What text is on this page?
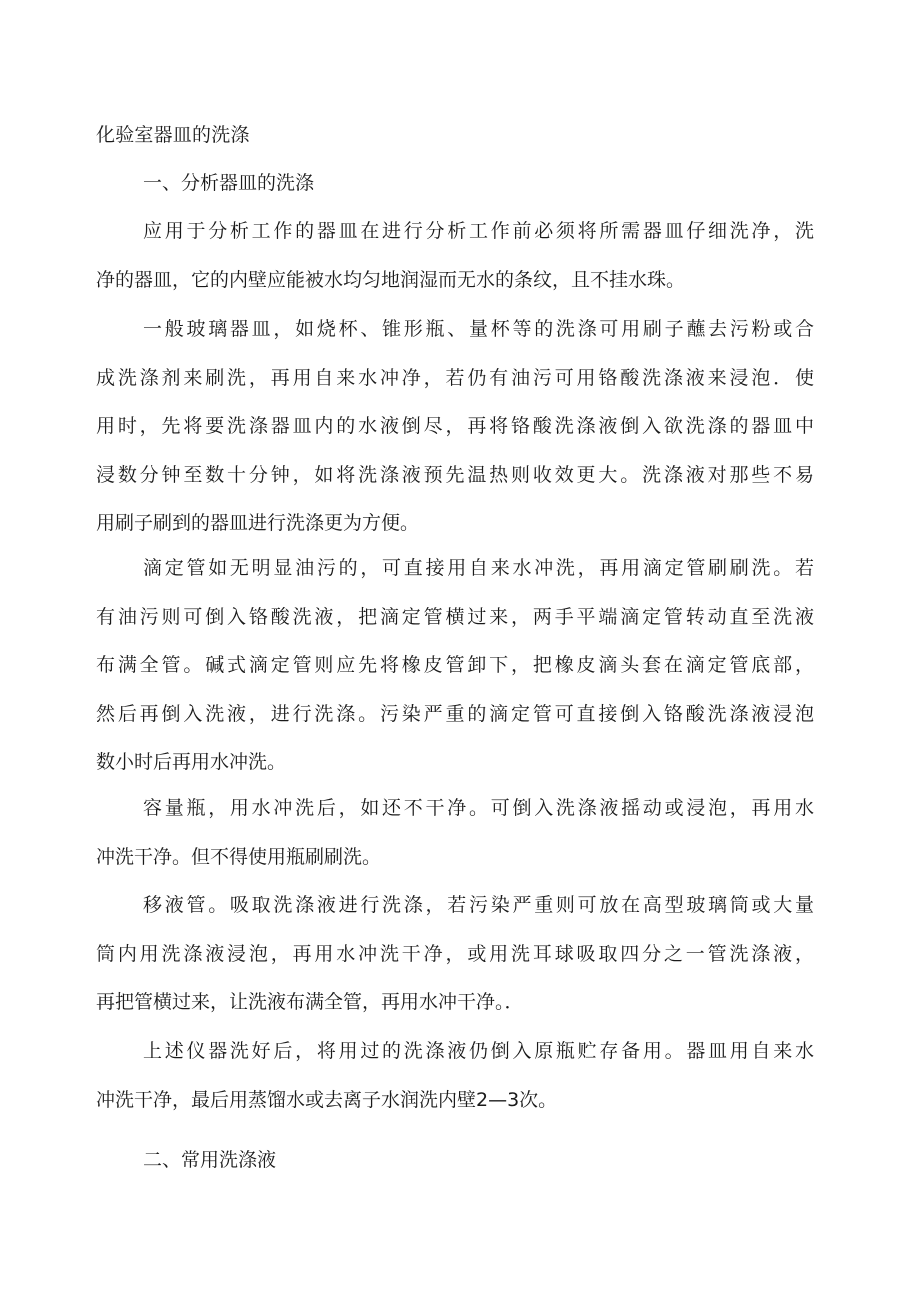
化验室器皿的洗涤
一、分析器皿的洗涤
应用于分析工作的器皿在进行分析工作前必须将所需器皿仔细洗净，洗
净的器皿，它的内壁应能被水均匀地润湿而无水的条纹，且不挂水珠。
一般玻璃器皿，如烧杯、锥形瓶、量杯等的洗涤可用刷子蘸去污粉或合
成洗涤剂来刷洗，再用自来水冲净，若仍有油污可用铬酸洗涤液来浸泡．使
用时，先将要洗涤器皿内的水液倒尽，再将铬酸洗涤液倒入欲洗涤的器皿中
浸数分钟至数十分钟，如将洗涤液预先温热则收效更大。洗涤液对那些不易
用刷子刷到的器皿进行洗涤更为方便。
滴定管如无明显油污的，可直接用自来水冲洗，再用滴定管刷刷洗。若
有油污则可倒入铬酸洗液，把滴定管横过来，两手平端滴定管转动直至洗液
布满全管。碱式滴定管则应先将橡皮管卸下，把橡皮滴头套在滴定管底部，
然后再倒入洗液，进行洗涤。污染严重的滴定管可直接倒入铬酸洗涤液浸泡
数小时后再用水冲洗。
容量瓶，用水冲洗后，如还不干净。可倒入洗涤液摇动或浸泡，再用水
冲洗干净。但不得使用瓶刷刷洗。
移液管。吸取洗涤液进行洗涤，若污染严重则可放在高型玻璃筒或大量
筒内用洗涤液浸泡，再用水冲洗干净，或用洗耳球吸取四分之一管洗涤液，
再把管横过来，让洗液布满全管，再用水冲干净。．
上述仪器洗好后，将用过的洗涤液仍倒入原瓶贮存备用。器皿用自来水
冲洗干净，最后用蒸馏水或去离子水润洗内壁2—3次。
二、常用洗涤液
